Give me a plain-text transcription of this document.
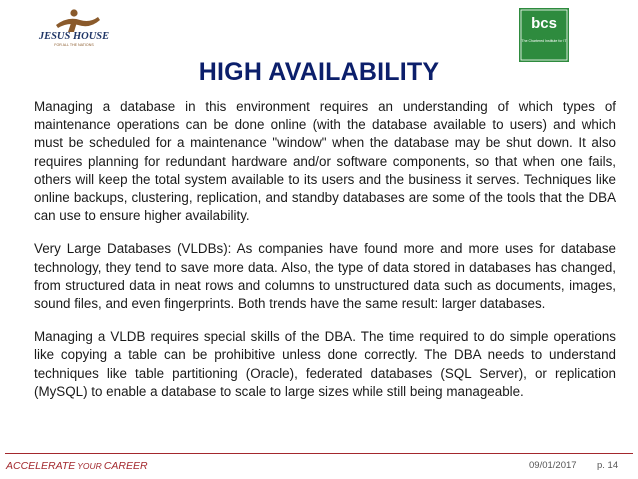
JESUS HOUSE
FOR ALL THE NATIONS
bcs
The Chartered Institute for IT
HIGH AVAILABILITY

Managing a database in this environment requires an understanding of which types of maintenance operations can be done online (with the database available to users) and which must be scheduled for a maintenance "window" when the database may be shut down. It also requires planning for redundant hardware and/or software components, so that when one fails, others will keep the total system available to its users and the business it serves. Techniques like online backups, clustering, replication, and standby databases are some of the tools that the DBA can use to ensure higher availability.

Very Large Databases (VLDBs): As companies have found more and more uses for database technology, they tend to save more data. Also, the type of data stored in databases has changed, from structured data in neat rows and columns to unstructured data such as documents, images, sound files, and even fingerprints. Both trends have the same result: larger databases.

Managing a VLDB requires special skills of the DBA. The time required to do simple operations like copying a table can be prohibitive unless done correctly. The DBA needs to understand techniques like table partitioning (Oracle), federated databases (SQL Server), or replication (MySQL) to enable a database to scale to large sizes while still being manageable.

ACCELERATE YOUR CAREER	09/01/2017 p. 14
